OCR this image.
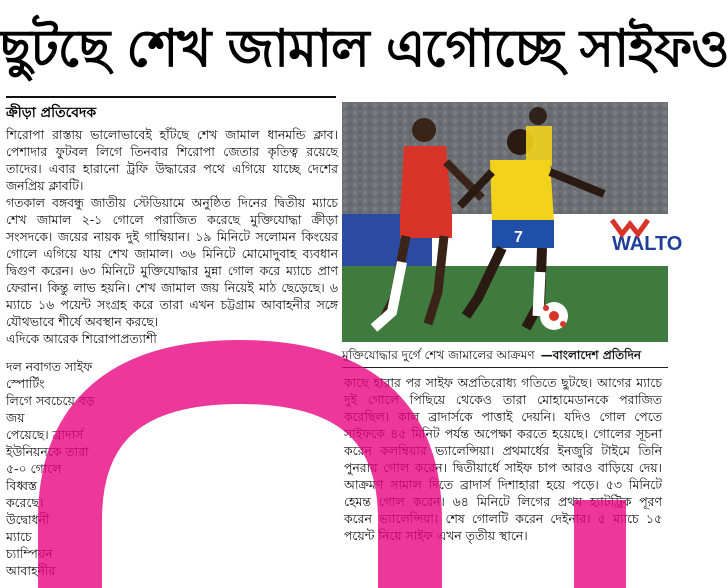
ছুটছে শেখ জামাল এগোচ্ছে সাইফও
ক্রীড়া প্রতিবেদক

শিরোপা রাস্তায় ভালোভাবেই হাঁটছে শেখ জামাল ধানমন্ডি ক্লাব। পেশাদার ফুটবল লিগে তিনবার শিরোপা জেতার কৃতিত্ব রয়েছে তাদের। এবার হারানো ট্রফি উদ্ধারের পথে এগিয়ে যাচ্ছে দেশের জনপ্রিয় ক্লাবটি।

গতকাল বঙ্গবন্ধু জাতীয় স্টেডিয়ামে অনুষ্ঠিত দিনের দ্বিতীয় ম্যাচে শেখ জামাল ২-১ গোলে পরাজিত করেছে মুক্তিযোদ্ধা ক্রীড়া সংসদকে। জয়ের নায়ক দুই গাম্বিয়ান। ১৯ মিনিটে সলোমন কিংয়ের গোলে এগিয়ে যায় শেখ জামাল। ৩৬ মিনিটে মোমোদুবাহ ব্যবধান দ্বিগুণ করেন। ৬৩ মিনিটে মুক্তিযোদ্ধার মুন্না গোল করে ম্যাচে প্রাণ ফেরান। কিন্তু লাভ হয়নি। শেখ জামাল জয় নিয়েই মাঠ ছেড়েছে। ৬ ম্যাচে ১৬ পয়েন্ট সংগ্রহ করে তারা এখন চট্টগ্রাম আবাহনীর সঙ্গে যৌথভাবে শীর্ষে অবস্থান করছে।

এদিকে আরেক শিরোপাপ্রত্যাশী

দল নবাগত সাইফ স্পোর্টিং
লিগে সবচেয়ে বড় জয়
পেয়েছে। ব্রাদার্স
ইউনিয়নকে তারা
৫-০ গোলে
বিধ্বস্ত
করেছে।
উদ্বোধনী
ম্যাচে
চ্যাম্পিয়ন
আবাহনীর
WALTO
7
মুক্তিযোদ্ধার দুর্গে শেখ জামালের আক্রমণ —বাংলাদেশ প্রতিদিন

কাছে হারার পর সাইফ অপ্রতিরোধ্য গতিতে ছুটছে। আগের ম্যাচে দুই গোলে পিছিয়ে থেকেও তারা মোহামেডানকে পরাজিত করেছিল। কাল ব্রাদার্সকে পাত্তাই দেয়নি। যদিও গোল পেতে সাইফকে ৪৫ মিনিট পর্যন্ত অপেক্ষা করতে হয়েছে। গোলের সূচনা করেন কলম্বিয়ার ভ্যালেন্সিয়া। প্রথমার্ধের ইনজুরি টাইমে তিনি পুনরায় গোল করেন। দ্বিতীয়ার্ধে সাইফ চাপ আরও বাড়িয়ে দেয়। আক্রমণ সামাল দিতে ব্রাদার্স দিশাহারা হয়ে পড়ে। ৫৩ মিনিটে হেমন্ত গোল করেন। ৬৪ মিনিটে লিগের প্রথম হ্যাটট্রিক পূরণ করেন ভ্যালেন্সিয়া। শেষ গোলটি করেন দেইনার। ৫ ম্যাচে ১৫ পয়েন্ট নিয়ে সাইফ এখন তৃতীয় স্থানে।
